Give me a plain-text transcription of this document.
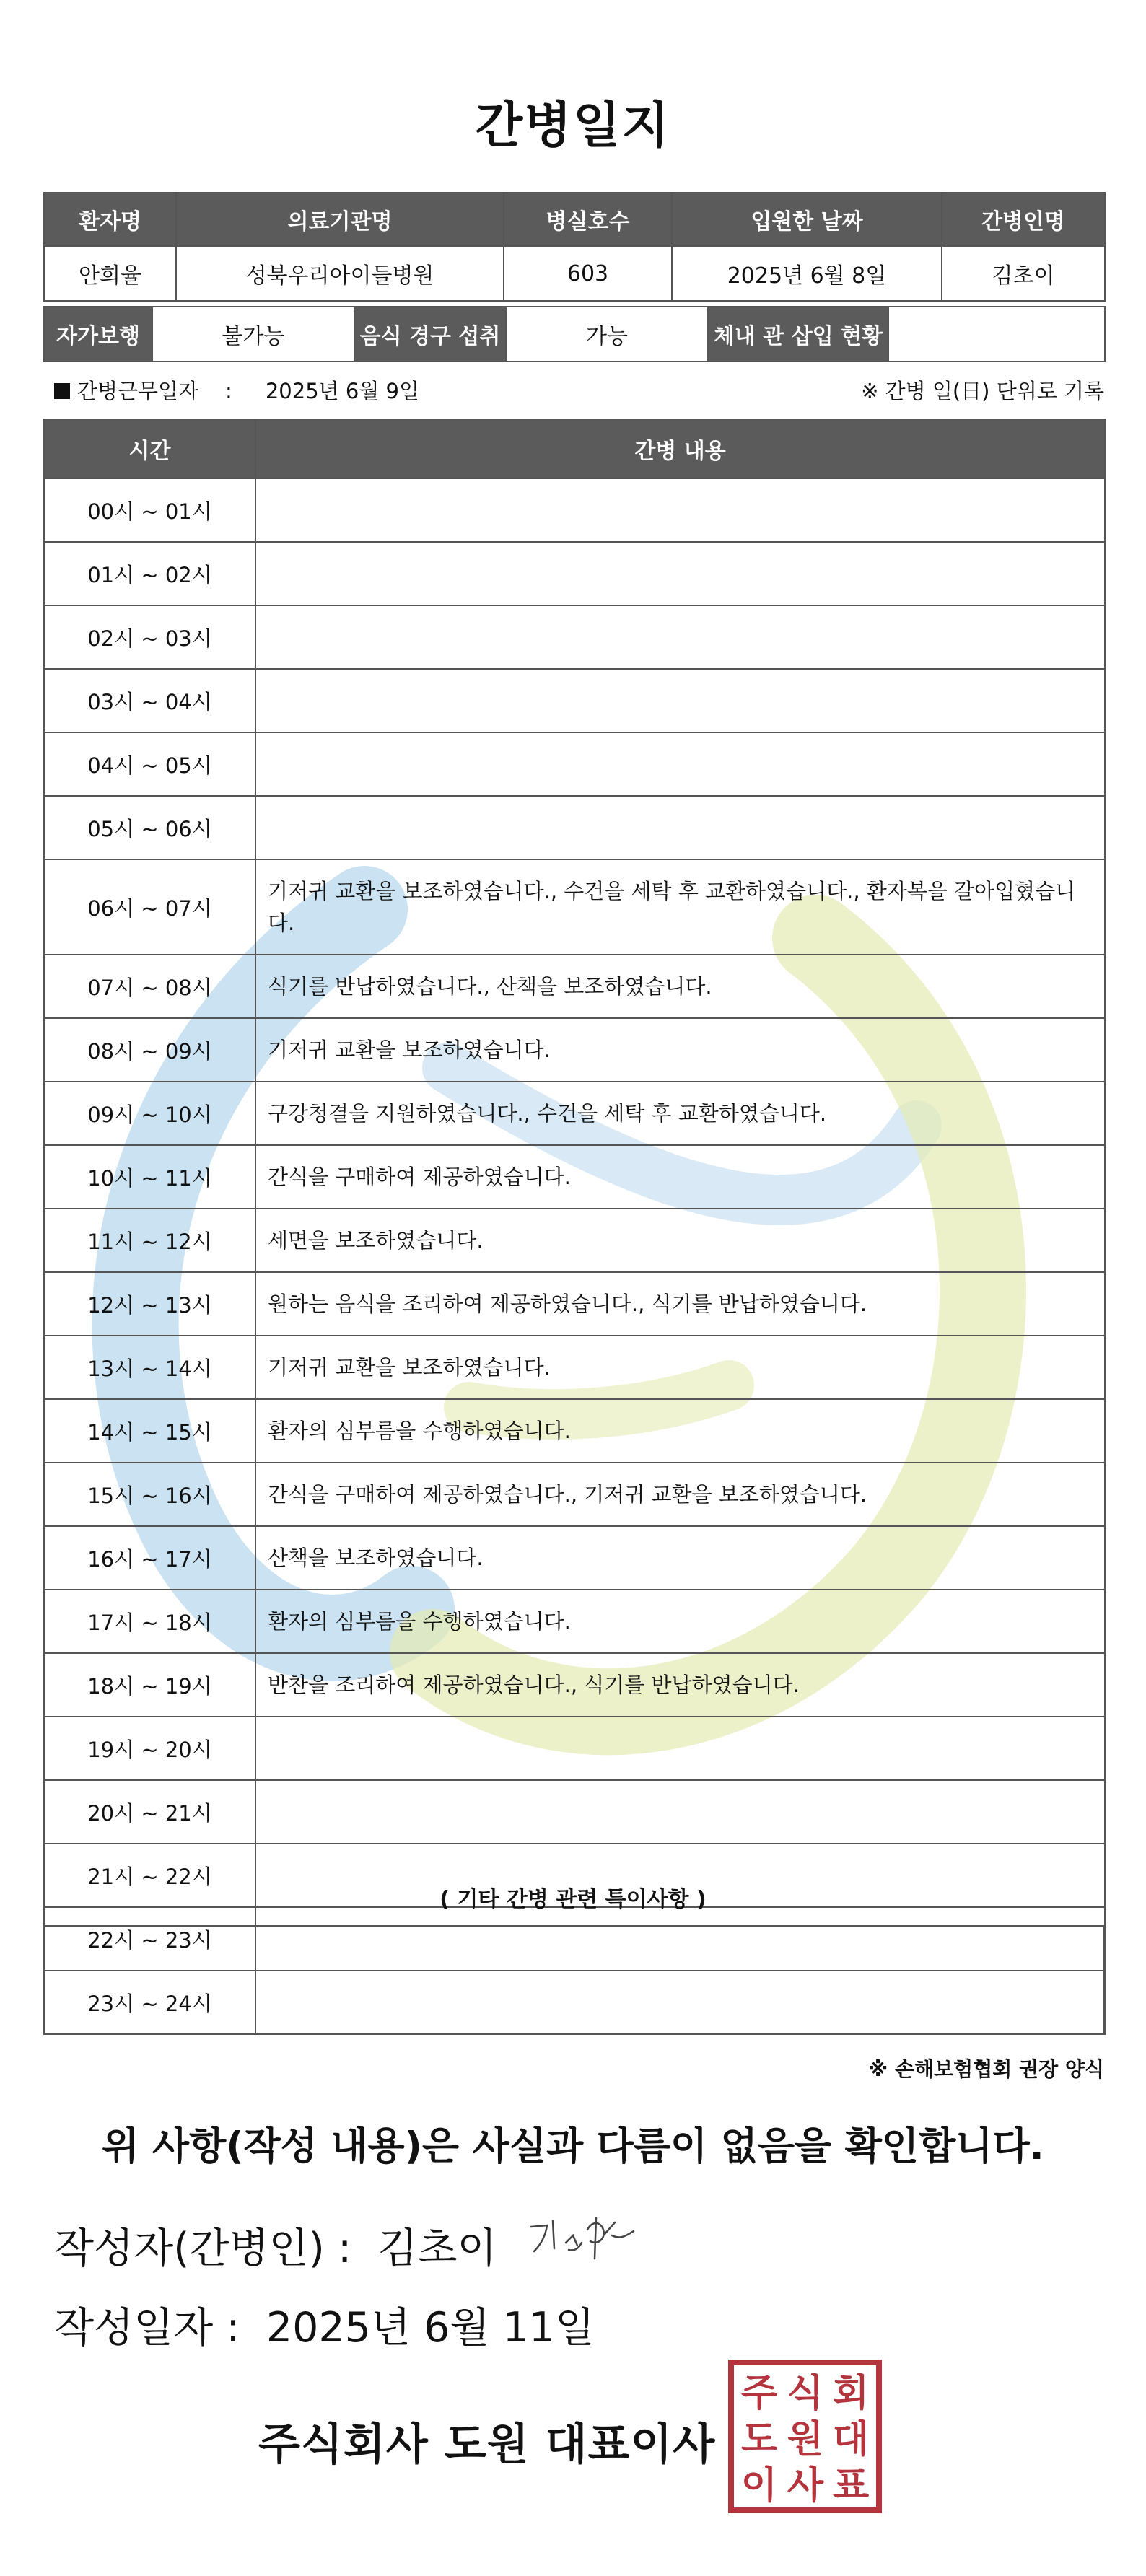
간병일지
환자명	의료기관명	병실호수	입원한 날짜	간병인명
안희율	성북우리아이들병원	603	2025년 6월 8일	김초이
자가보행	불가능	음식 경구 섭취	가능	체내 관 삽입 현황	
간병근무일자 : 2025년 6월 9일	※ 간병 일(日) 단위로 기록
시간	간병 내용
00시 ~ 01시	
01시 ~ 02시	
02시 ~ 03시	
03시 ~ 04시	
04시 ~ 05시	
05시 ~ 06시	
06시 ~ 07시	기저귀 교환을 보조하였습니다., 수건을 세탁 후 교환하였습니다., 환자복을 갈아입혔습니다.
07시 ~ 08시	식기를 반납하였습니다., 산책을 보조하였습니다.
08시 ~ 09시	기저귀 교환을 보조하였습니다.
09시 ~ 10시	구강청결을 지원하였습니다., 수건을 세탁 후 교환하였습니다.
10시 ~ 11시	간식을 구매하여 제공하였습니다.
11시 ~ 12시	세면을 보조하였습니다.
12시 ~ 13시	원하는 음식을 조리하여 제공하였습니다., 식기를 반납하였습니다.
13시 ~ 14시	기저귀 교환을 보조하였습니다.
14시 ~ 15시	환자의 심부름을 수행하였습니다.
15시 ~ 16시	간식을 구매하여 제공하였습니다., 기저귀 교환을 보조하였습니다.
16시 ~ 17시	산책을 보조하였습니다.
17시 ~ 18시	환자의 심부름을 수행하였습니다.
18시 ~ 19시	반찬을 조리하여 제공하였습니다., 식기를 반납하였습니다.
19시 ~ 20시	
20시 ~ 21시	
21시 ~ 22시	
22시 ~ 23시	
23시 ~ 24시	
( 기타 간병 관련 특이사항 )
※ 손해보험협회 권장 양식
위 사항(작성 내용)은 사실과 다름이 없음을 확인합니다.
작성자(간병인) : 김초이
작성일자 : 2025년 6월 11일
주식회사 도원 대표이사
주 식 회
도 원 대
이 사 표
